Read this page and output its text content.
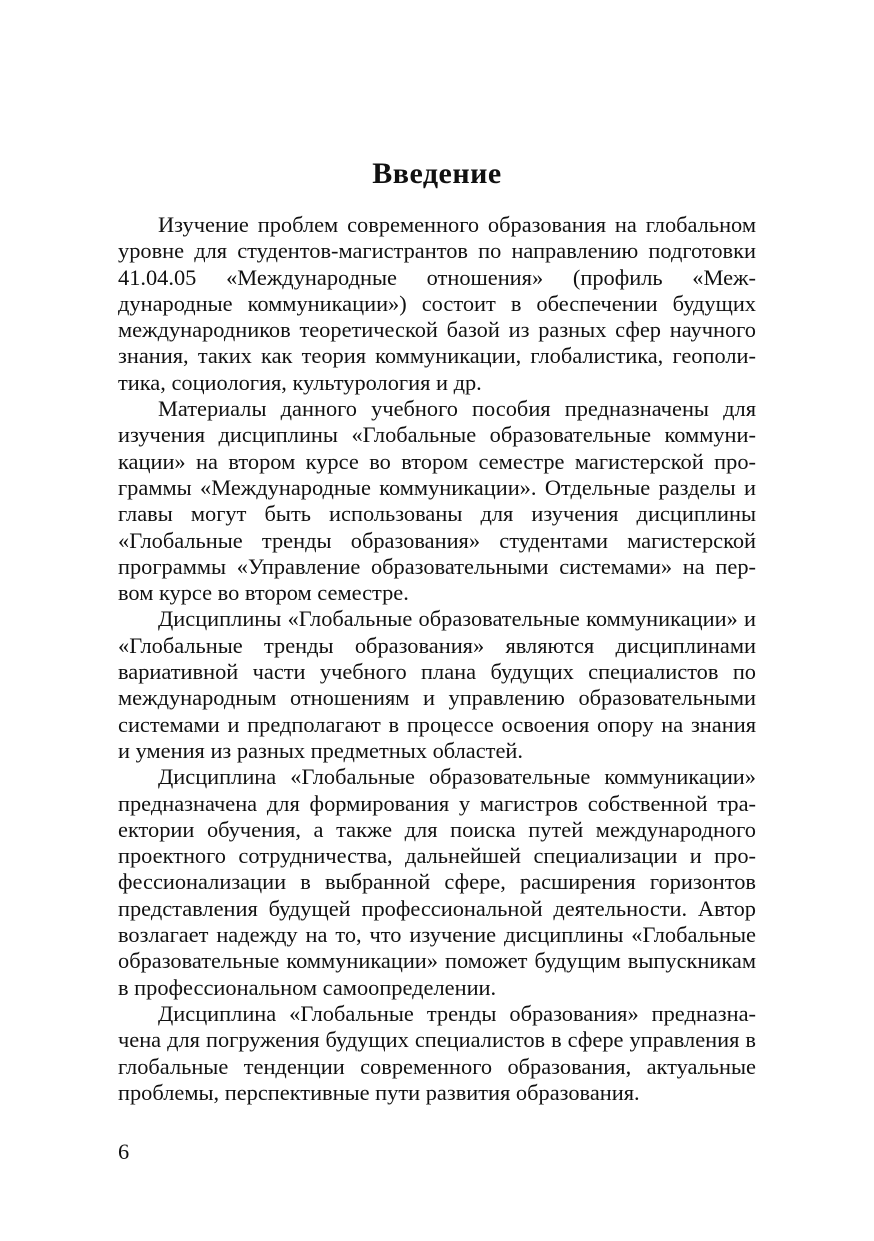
Введение

Изучение проблем современного образования на глобальном уровне для студентов-магистрантов по направлению подготовки 41.04.05 «Международные отношения» (профиль «Международные коммуникации») состоит в обеспечении будущих международников теоретической базой из разных сфер научного знания, таких как теория коммуникации, глобалистика, геополитика, социология, культурология и др.

Материалы данного учебного пособия предназначены для изучения дисциплины «Глобальные образовательные коммуникации» на втором курсе во втором семестре магистерской программы «Международные коммуникации». Отдельные разделы и главы могут быть использованы для изучения дисциплины «Глобальные тренды образования» студентами магистерской программы «Управление образовательными системами» на первом курсе во втором семестре.

Дисциплины «Глобальные образовательные коммуникации» и «Глобальные тренды образования» являются дисциплинами вариативной части учебного плана будущих специалистов по международным отношениям и управлению образовательными системами и предполагают в процессе освоения опору на знания и умения из разных предметных областей.

Дисциплина «Глобальные образовательные коммуникации» предназначена для формирования у магистров собственной траектории обучения, а также для поиска путей международного проектного сотрудничества, дальнейшей специализации и профессионализации в выбранной сфере, расширения горизонтов представления будущей профессиональной деятельности. Автор возлагает надежду на то, что изучение дисциплины «Глобальные образовательные коммуникации» поможет будущим выпускникам в профессиональном самоопределении.

Дисциплина «Глобальные тренды образования» предназначена для погружения будущих специалистов в сфере управления в глобальные тенденции современного образования, актуальные проблемы, перспективные пути развития образования.

6
